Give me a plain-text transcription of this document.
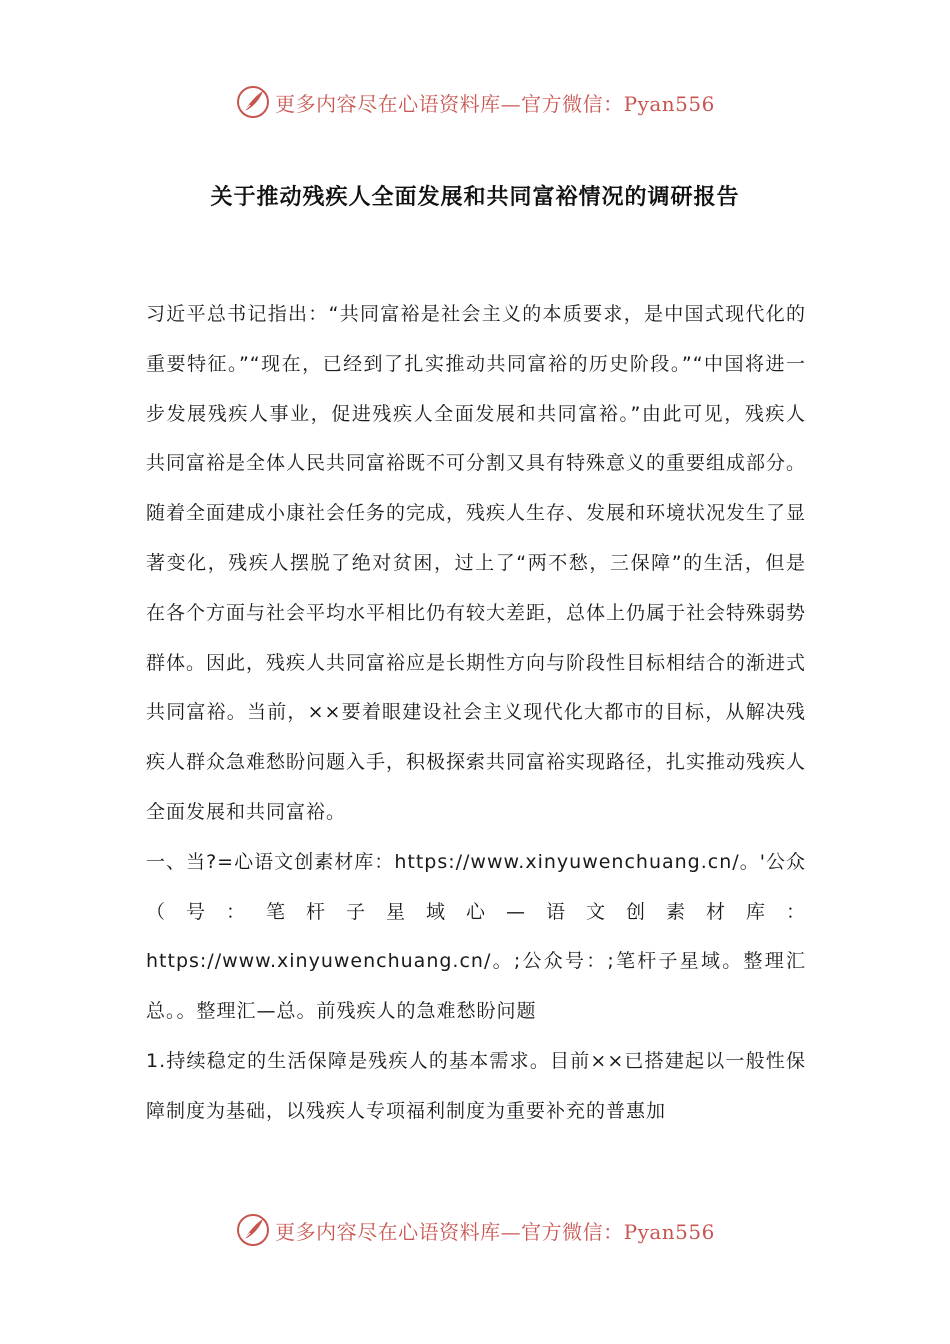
更多内容尽在心语资料库—官方微信：Pyan556
关于推动残疾人全面发展和共同富裕情况的调研报告

习近平总书记指出：“共同富裕是社会主义的本质要求，是中国式现代化的重要特征。”“现在，已经到了扎实推动共同富裕的历史阶段。”“中国将进一步发展残疾人事业，促进残疾人全面发展和共同富裕。”由此可见，残疾人共同富裕是全体人民共同富裕既不可分割又具有特殊意义的重要组成部分。随着全面建成小康社会任务的完成，残疾人生存、发展和环境状况发生了显著变化，残疾人摆脱了绝对贫困，过上了“两不愁，三保障”的生活，但是在各个方面与社会平均水平相比仍有较大差距，总体上仍属于社会特殊弱势群体。因此，残疾人共同富裕应是长期性方向与阶段性目标相结合的渐进式共同富裕。当前，××要着眼建设社会主义现代化大都市的目标，从解决残疾人群众急难愁盼问题入手，积极探索共同富裕实现路径，扎实推动残疾人全面发展和共同富裕。

一、当?=心语文创素材库：https://www.xinyuwenchuang.cn/。'公众（号：笔杆子星域心—语文创素材库：https://www.xinyuwenchuang.cn/。;公众号：;笔杆子星域。整理汇总。。整理汇—总。前残疾人的急难愁盼问题

1.持续稳定的生活保障是残疾人的基本需求。目前××已搭建起以一般性保障制度为基础，以残疾人专项福利制度为重要补充的普惠加

更多内容尽在心语资料库—官方微信：Pyan556
